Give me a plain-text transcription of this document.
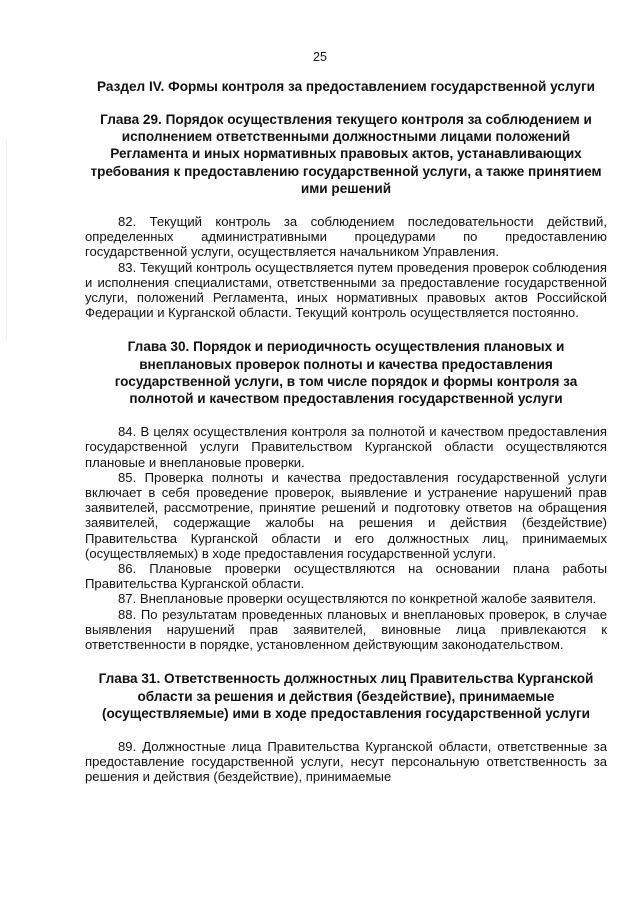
25
Раздел IV. Формы контроля за предоставлением государственной услуги
Глава 29. Порядок осуществления текущего контроля за соблюдением и исполнением ответственными должностными лицами положений Регламента и иных нормативных правовых актов, устанавливающих требования к предоставлению государственной услуги, а также принятием ими решений

82. Текущий контроль за соблюдением последовательности действий, определенных административными процедурами по предоставлению государственной услуги, осуществляется начальником Управления.

83. Текущий контроль осуществляется путем проведения проверок соблюдения и исполнения специалистами, ответственными за предоставление государственной услуги, положений Регламента, иных нормативных правовых актов Российской Федерации и Курганской области. Текущий контроль осуществляется постоянно.

Глава 30. Порядок и периодичность осуществления плановых и внеплановых проверок полноты и качества предоставления государственной услуги, в том числе порядок и формы контроля за полнотой и качеством предоставления государственной услуги

84. В целях осуществления контроля за полнотой и качеством предоставления государственной услуги Правительством Курганской области осуществляются плановые и внеплановые проверки.

85. Проверка полноты и качества предоставления государственной услуги включает в себя проведение проверок, выявление и устранение нарушений прав заявителей, рассмотрение, принятие решений и подготовку ответов на обращения заявителей, содержащие жалобы на решения и действия (бездействие) Правительства Курганской области и его должностных лиц, принимаемых (осуществляемых) в ходе предоставления государственной услуги.

86. Плановые проверки осуществляются на основании плана работы Правительства Курганской области.

87. Внеплановые проверки осуществляются по конкретной жалобе заявителя.

88. По результатам проведенных плановых и внеплановых проверок, в случае выявления нарушений прав заявителей, виновные лица привлекаются к ответственности в порядке, установленном действующим законодательством.

Глава 31. Ответственность должностных лиц Правительства Курганской области за решения и действия (бездействие), принимаемые (осуществляемые) ими в ходе предоставления государственной услуги

89. Должностные лица Правительства Курганской области, ответственные за предоставление государственной услуги, несут персональную ответственность за решения и действия (бездействие), принимаемые
